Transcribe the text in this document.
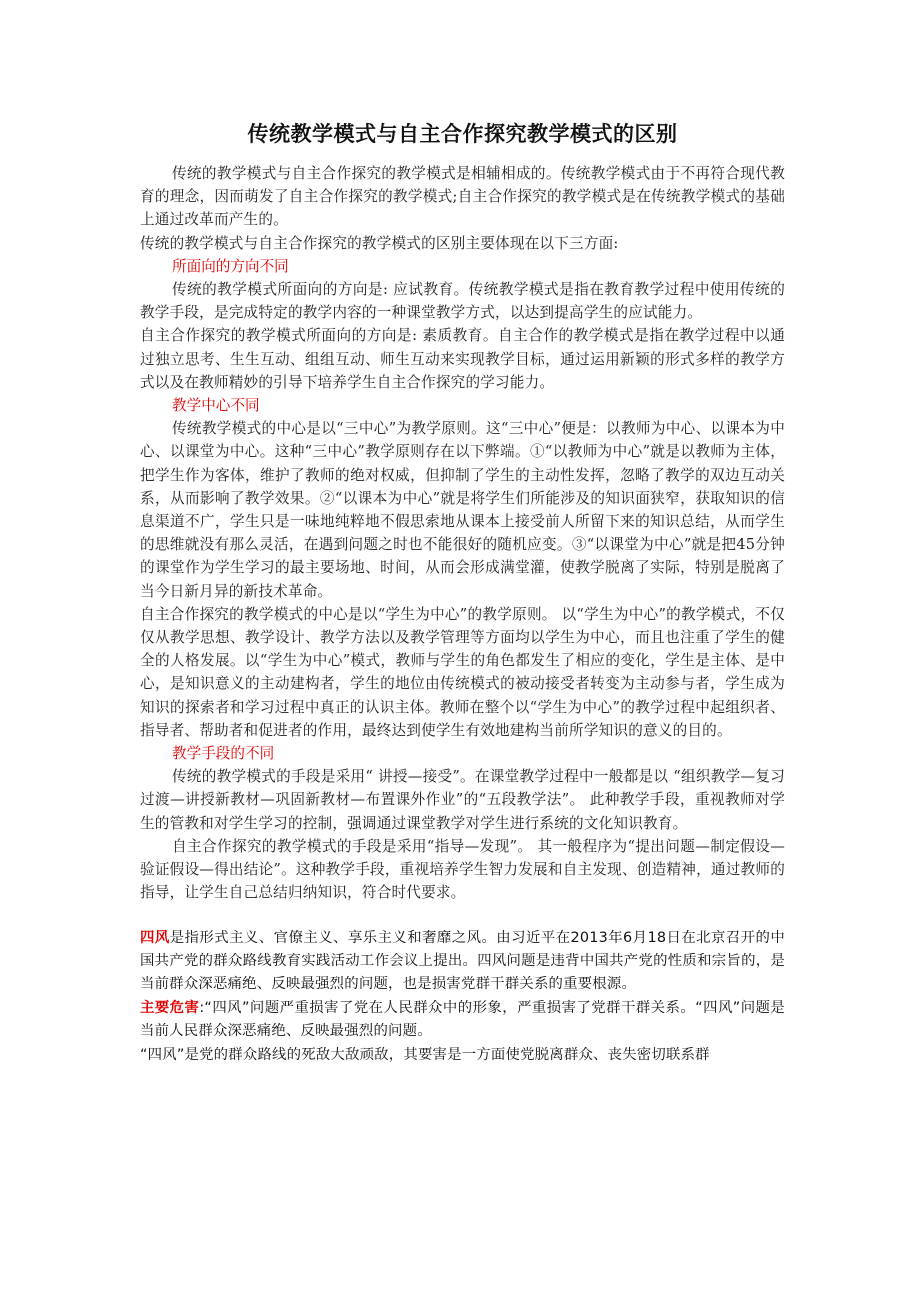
传统教学模式与自主合作探究教学模式的区别

传统的教学模式与自主合作探究的教学模式是相辅相成的。传统教学模式由于不再符合现代教育的理念，因而萌发了自主合作探究的教学模式;自主合作探究的教学模式是在传统教学模式的基础上通过改革而产生的。

传统的教学模式与自主合作探究的教学模式的区别主要体现在以下三方面:

所面向的方向不同

传统的教学模式所面向的方向是: 应试教育。传统教学模式是指在教育教学过程中使用传统的教学手段，是完成特定的教学内容的一种课堂教学方式，以达到提高学生的应试能力。

自主合作探究的教学模式所面向的方向是: 素质教育。自主合作的教学模式是指在教学过程中以通过独立思考、生生互动、组组互动、师生互动来实现教学目标，通过运用新颖的形式多样的教学方式以及在教师精妙的引导下培养学生自主合作探究的学习能力。

教学中心不同

传统教学模式的中心是以“三中心”为教学原则。这“三中心”便是：以教师为中心、以课本为中心、以课堂为中心。这种“三中心”教学原则存在以下弊端。①“以教师为中心”就是以教师为主体，把学生作为客体，维护了教师的绝对权威，但抑制了学生的主动性发挥，忽略了教学的双边互动关系，从而影响了教学效果。②“以课本为中心”就是将学生们所能涉及的知识面狭窄，获取知识的信息渠道不广，学生只是一味地纯粹地不假思索地从课本上接受前人所留下来的知识总结，从而学生的思维就没有那么灵活，在遇到问题之时也不能很好的随机应变。③“以课堂为中心”就是把45分钟的课堂作为学生学习的最主要场地、时间，从而会形成满堂灌，使教学脱离了实际，特别是脱离了当今日新月异的新技术革命。

自主合作探究的教学模式的中心是以“学生为中心”的教学原则。 以“学生为中心”的教学模式，不仅仅从教学思想、教学设计、教学方法以及教学管理等方面均以学生为中心，而且也注重了学生的健全的人格发展。以“学生为中心”模式，教师与学生的角色都发生了相应的变化，学生是主体、是中心，是知识意义的主动建构者，学生的地位由传统模式的被动接受者转变为主动参与者，学生成为知识的探索者和学习过程中真正的认识主体。教师在整个以“学生为中心”的教学过程中起组织者、指导者、帮助者和促进者的作用，最终达到使学生有效地建构当前所学知识的意义的目的。

教学手段的不同

传统的教学模式的手段是采用“ 讲授—接受”。在课堂教学过程中一般都是以 “组织教学—复习过渡—讲授新教材—巩固新教材—布置课外作业”的“五段教学法”。 此种教学手段，重视教师对学生的管教和对学生学习的控制，强调通过课堂教学对学生进行系统的文化知识教育。

自主合作探究的教学模式的手段是采用“指导—发现”。 其一般程序为“提出问题—制定假设—验证假设—得出结论”。这种教学手段，重视培养学生智力发展和自主发现、创造精神，通过教师的指导，让学生自己总结归纳知识，符合时代要求。

四风是指形式主义、官僚主义、享乐主义和奢靡之风。由习近平在2013年6月18日在北京召开的中国共产党的群众路线教育实践活动工作会议上提出。四风问题是违背中国共产党的性质和宗旨的，是当前群众深恶痛绝、反映最强烈的问题，也是损害党群干群关系的重要根源。

主要危害:“四风”问题严重损害了党在人民群众中的形象，严重损害了党群干群关系。“四风”问题是当前人民群众深恶痛绝、反映最强烈的问题。

“四风”是党的群众路线的死敌大敌顽敌，其要害是一方面使党脱离群众、丧失密切联系群
